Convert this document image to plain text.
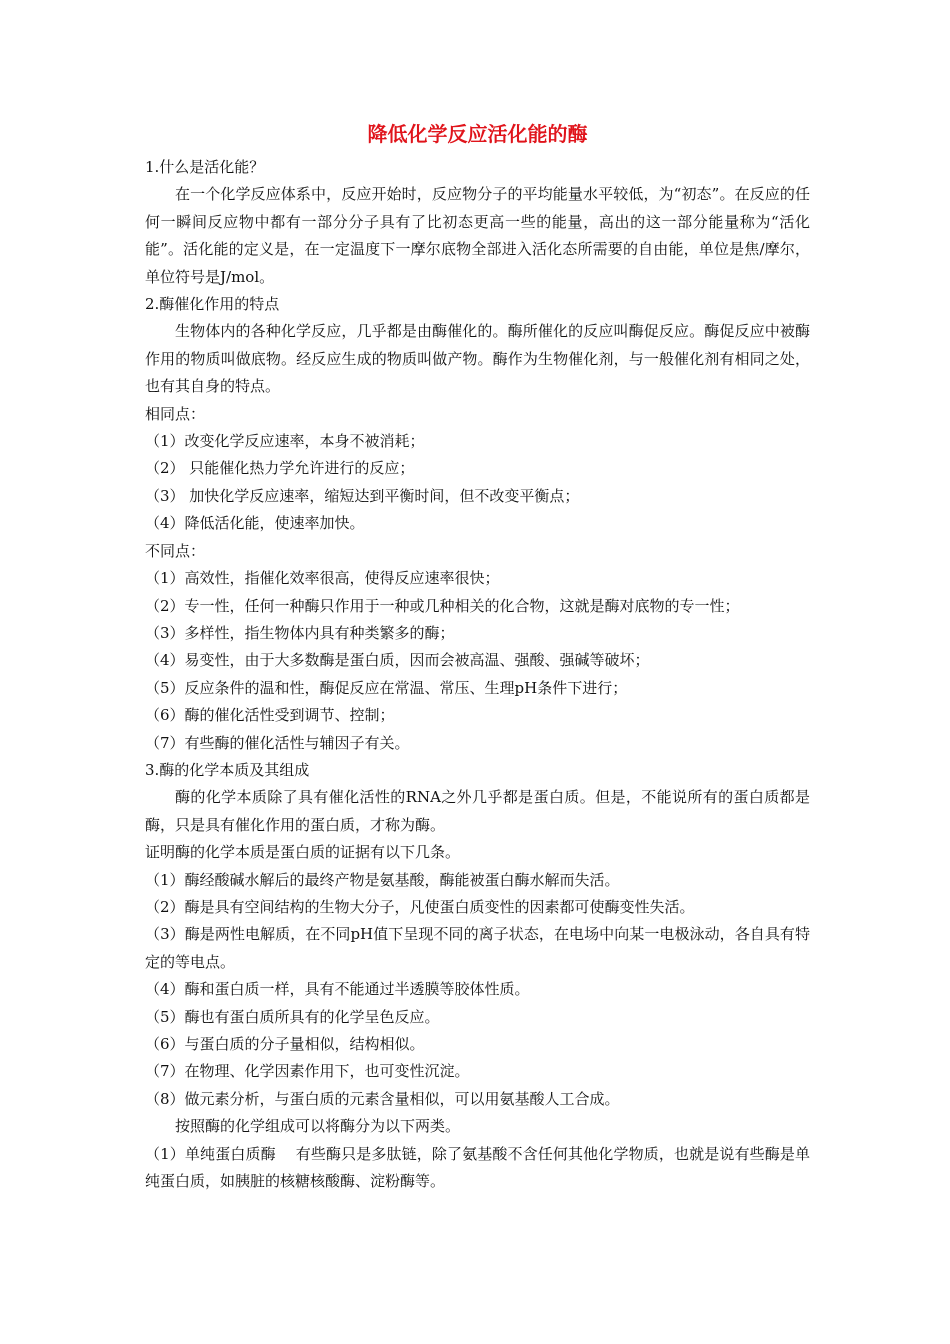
降低化学反应活化能的酶

1.什么是活化能？

在一个化学反应体系中，反应开始时，反应物分子的平均能量水平较低，为“初态”。在反应的任何一瞬间反应物中都有一部分分子具有了比初态更高一些的能量，高出的这一部分能量称为“活化能”。活化能的定义是，在一定温度下一摩尔底物全部进入活化态所需要的自由能，单位是焦/摩尔，单位符号是J/mol。

2.酶催化作用的特点

生物体内的各种化学反应，几乎都是由酶催化的。酶所催化的反应叫酶促反应。酶促反应中被酶作用的物质叫做底物。经反应生成的物质叫做产物。酶作为生物催化剂，与一般催化剂有相同之处，也有其自身的特点。

相同点：

（1）改变化学反应速率，本身不被消耗；

（2） 只能催化热力学允许进行的反应；

（3） 加快化学反应速率，缩短达到平衡时间，但不改变平衡点；

（4）降低活化能，使速率加快。

不同点：

（1）高效性，指催化效率很高，使得反应速率很快；

（2）专一性，任何一种酶只作用于一种或几种相关的化合物，这就是酶对底物的专一性；

（3）多样性，指生物体内具有种类繁多的酶；

（4）易变性，由于大多数酶是蛋白质，因而会被高温、强酸、强碱等破坏；

（5）反应条件的温和性，酶促反应在常温、常压、生理pH条件下进行；

（6）酶的催化活性受到调节、控制；

（7）有些酶的催化活性与辅因子有关。

3.酶的化学本质及其组成

酶的化学本质除了具有催化活性的RNA之外几乎都是蛋白质。但是，不能说所有的蛋白质都是酶，只是具有催化作用的蛋白质，才称为酶。

证明酶的化学本质是蛋白质的证据有以下几条。

（1）酶经酸碱水解后的最终产物是氨基酸，酶能被蛋白酶水解而失活。

（2）酶是具有空间结构的生物大分子，凡使蛋白质变性的因素都可使酶变性失活。

（3）酶是两性电解质，在不同pH值下呈现不同的离子状态，在电场中向某一电极泳动，各自具有特定的等电点。

（4）酶和蛋白质一样，具有不能通过半透膜等胶体性质。

（5）酶也有蛋白质所具有的化学呈色反应。

（6）与蛋白质的分子量相似，结构相似。

（7）在物理、化学因素作用下，也可变性沉淀。

（8）做元素分析，与蛋白质的元素含量相似，可以用氨基酸人工合成。

按照酶的化学组成可以将酶分为以下两类。

（1）单纯蛋白质酶　 有些酶只是多肽链，除了氨基酸不含任何其他化学物质，也就是说有些酶是单纯蛋白质，如胰脏的核糖核酸酶、淀粉酶等。
